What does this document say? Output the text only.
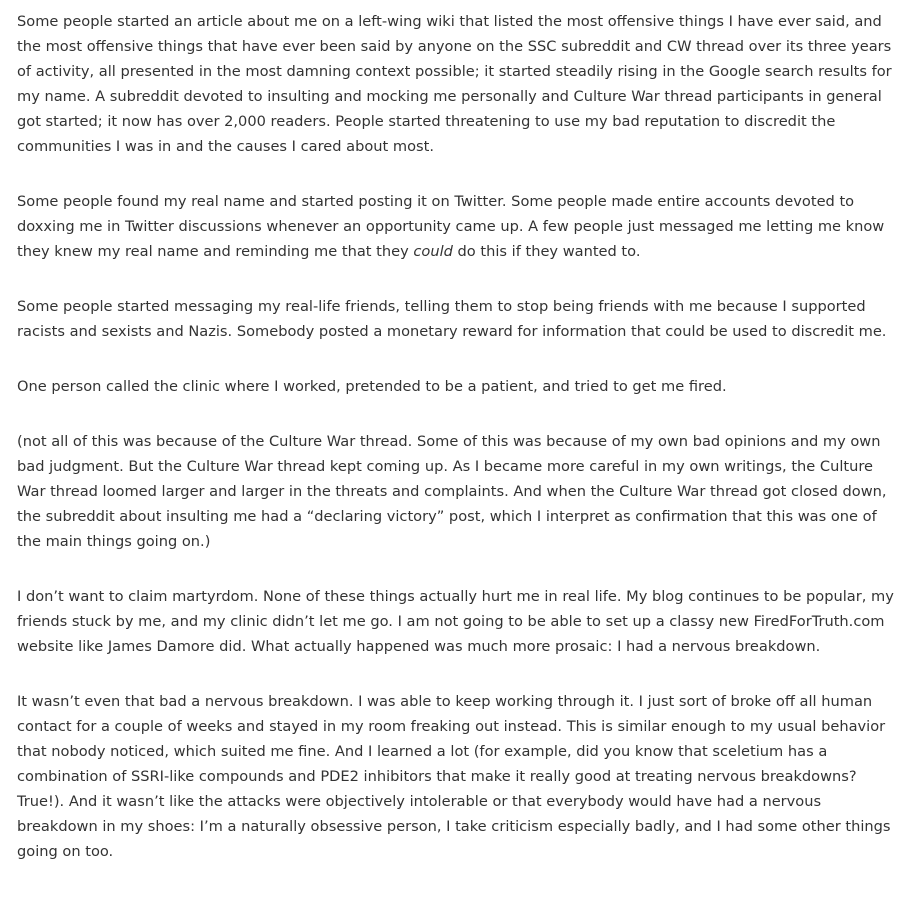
Some people started an article about me on a left-wing wiki that listed the most offensive things I have ever said, and the most offensive things that have ever been said by anyone on the SSC subreddit and CW thread over its three years of activity, all presented in the most damning context possible; it started steadily rising in the Google search results for my name. A subreddit devoted to insulting and mocking me personally and Culture War thread participants in general got started; it now has over 2,000 readers. People started threatening to use my bad reputation to discredit the communities I was in and the causes I cared about most.

Some people found my real name and started posting it on Twitter. Some people made entire accounts devoted to doxxing me in Twitter discussions whenever an opportunity came up. A few people just messaged me letting me know they knew my real name and reminding me that they could do this if they wanted to.

Some people started messaging my real-life friends, telling them to stop being friends with me because I supported racists and sexists and Nazis. Somebody posted a monetary reward for information that could be used to discredit me.

One person called the clinic where I worked, pretended to be a patient, and tried to get me fired.

(not all of this was because of the Culture War thread. Some of this was because of my own bad opinions and my own bad judgment. But the Culture War thread kept coming up. As I became more careful in my own writings, the Culture War thread loomed larger and larger in the threats and complaints. And when the Culture War thread got closed down, the subreddit about insulting me had a “declaring victory” post, which I interpret as confirmation that this was one of the main things going on.)

I don’t want to claim martyrdom. None of these things actually hurt me in real life. My blog continues to be popular, my friends stuck by me, and my clinic didn’t let me go. I am not going to be able to set up a classy new FiredForTruth.com website like James Damore did. What actually happened was much more prosaic: I had a nervous breakdown.

It wasn’t even that bad a nervous breakdown. I was able to keep working through it. I just sort of broke off all human contact for a couple of weeks and stayed in my room freaking out instead. This is similar enough to my usual behavior that nobody noticed, which suited me fine. And I learned a lot (for example, did you know that sceletium has a combination of SSRI-like compounds and PDE2 inhibitors that make it really good at treating nervous breakdowns? True!). And it wasn’t like the attacks were objectively intolerable or that everybody would have had a nervous breakdown in my shoes: I’m a naturally obsessive person, I take criticism especially badly, and I had some other things going on too.
